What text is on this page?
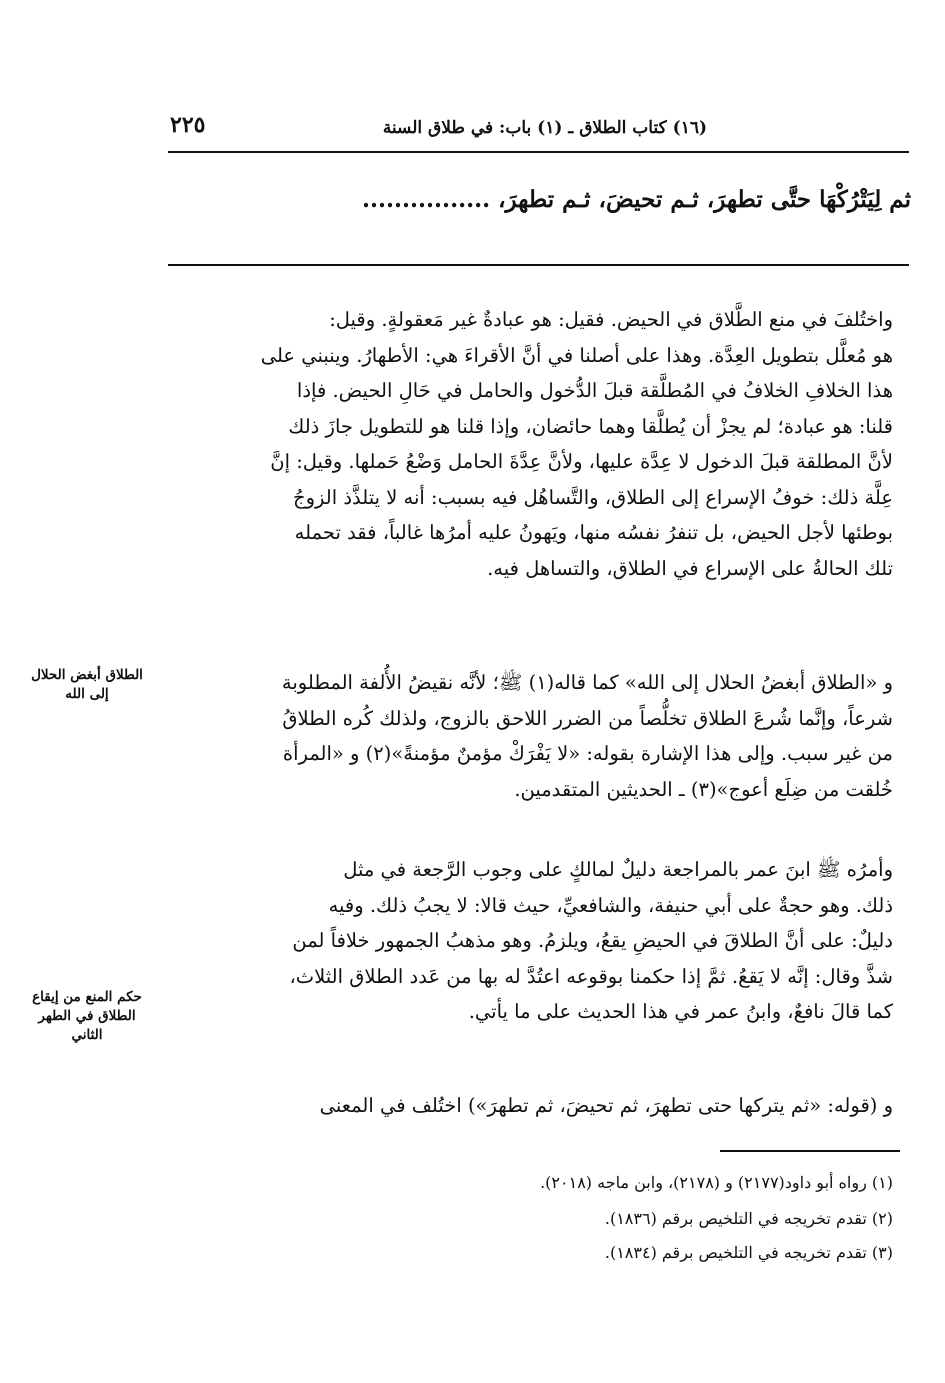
٢٢٥	(١٦) كتاب الطلاق ـ (١) باب: في طلاق السنة
ثم لِيَتْرُكْهَا حتَّى تطهرَ، ثـم تحيضَ، ثـم تطهرَ، ................
واختُلفَ في منع الطَّلاق في الحيض. فقيل: هو عبادةٌ غير مَعقولةٍ. وقيل:
هو مُعلَّل بتطويل العِدَّة. وهذا على أصلنا في أنَّ الأقراءَ هي: الأطهارُ. وينبني على
هذا الخلافِ الخلافُ في المُطلَّقة قبلَ الدُّخول والحامل في حَالِ الحيض. فإذا
قلنا: هو عبادة؛ لم يجزْ أن يُطلَّقا وهما حائضان، وإذا قلنا هو للتطويل جازَ ذلك
لأنَّ المطلقة قبلَ الدخول لا عِدَّة عليها، ولأنَّ عِدَّةَ الحامل وَضْعُ حَملها. وقيل: إنَّ
عِلَّة ذلك: خوفُ الإسراع إلى الطلاق، والتَّساهُل فيه بسبب: أنه لا يتلذَّذ الزوجُ
بوطئها لأجل الحيض، بل تنفرُ نفسُه منها، ويَهونُ عليه أمرُها غالباً، فقد تحمله
تلك الحالةُ على الإسراع في الطلاق، والتساهل فيه.
و «الطلاق أبغضُ الحلال إلى الله» كما قاله(١) ﷺ؛ لأنَّه نقيضُ الأُلفة المطلوبة
شرعاً، وإنَّما شُرعَ الطلاق تخلُّصاً من الضرر اللاحق بالزوج، ولذلك كُره الطلاقُ
من غير سبب. وإلى هذا الإشارة بقوله: «لا يَفْرَكْ مؤمنٌ مؤمنةً»(٢) و «المرأة
خُلقت من ضِلَع أعوج»(٣) ـ الحديثين المتقدمين.
وأمرُه ﷺ ابنَ عمر بالمراجعة دليلٌ لمالكٍ على وجوب الرَّجعة في مثل
ذلك. وهو حجةٌ على أبي حنيفة، والشافعيِّ، حيث قالا: لا يجبُ ذلك. وفيه
دليلٌ: على أنَّ الطلاقَ في الحيضِ يقعُ، ويلزمُ. وهو مذهبُ الجمهور خلافاً لمن
شذَّ وقال: إنَّه لا يَقعُ. ثمَّ إذا حكمنا بوقوعه اعتُدَّ له بها من عَدد الطلاق الثلاث،
كما قالَ نافعٌ، وابنُ عمر في هذا الحديث على ما يأتي.
و (قوله: «ثم يتركها حتى تطهرَ، ثم تحيضَ، ثم تطهرَ») اختُلف في المعنى
الطلاق أبغض الحلال إلى الله
حكم المنع من إيقاع الطلاق في الطهر الثاني
(١) رواه أبو داود(٢١٧٧) و (٢١٧٨)، وابن ماجه (٢٠١٨).
(٢) تقدم تخريجه في التلخيص برقم (١٨٣٦).
(٣) تقدم تخريجه في التلخيص برقم (١٨٣٤).
